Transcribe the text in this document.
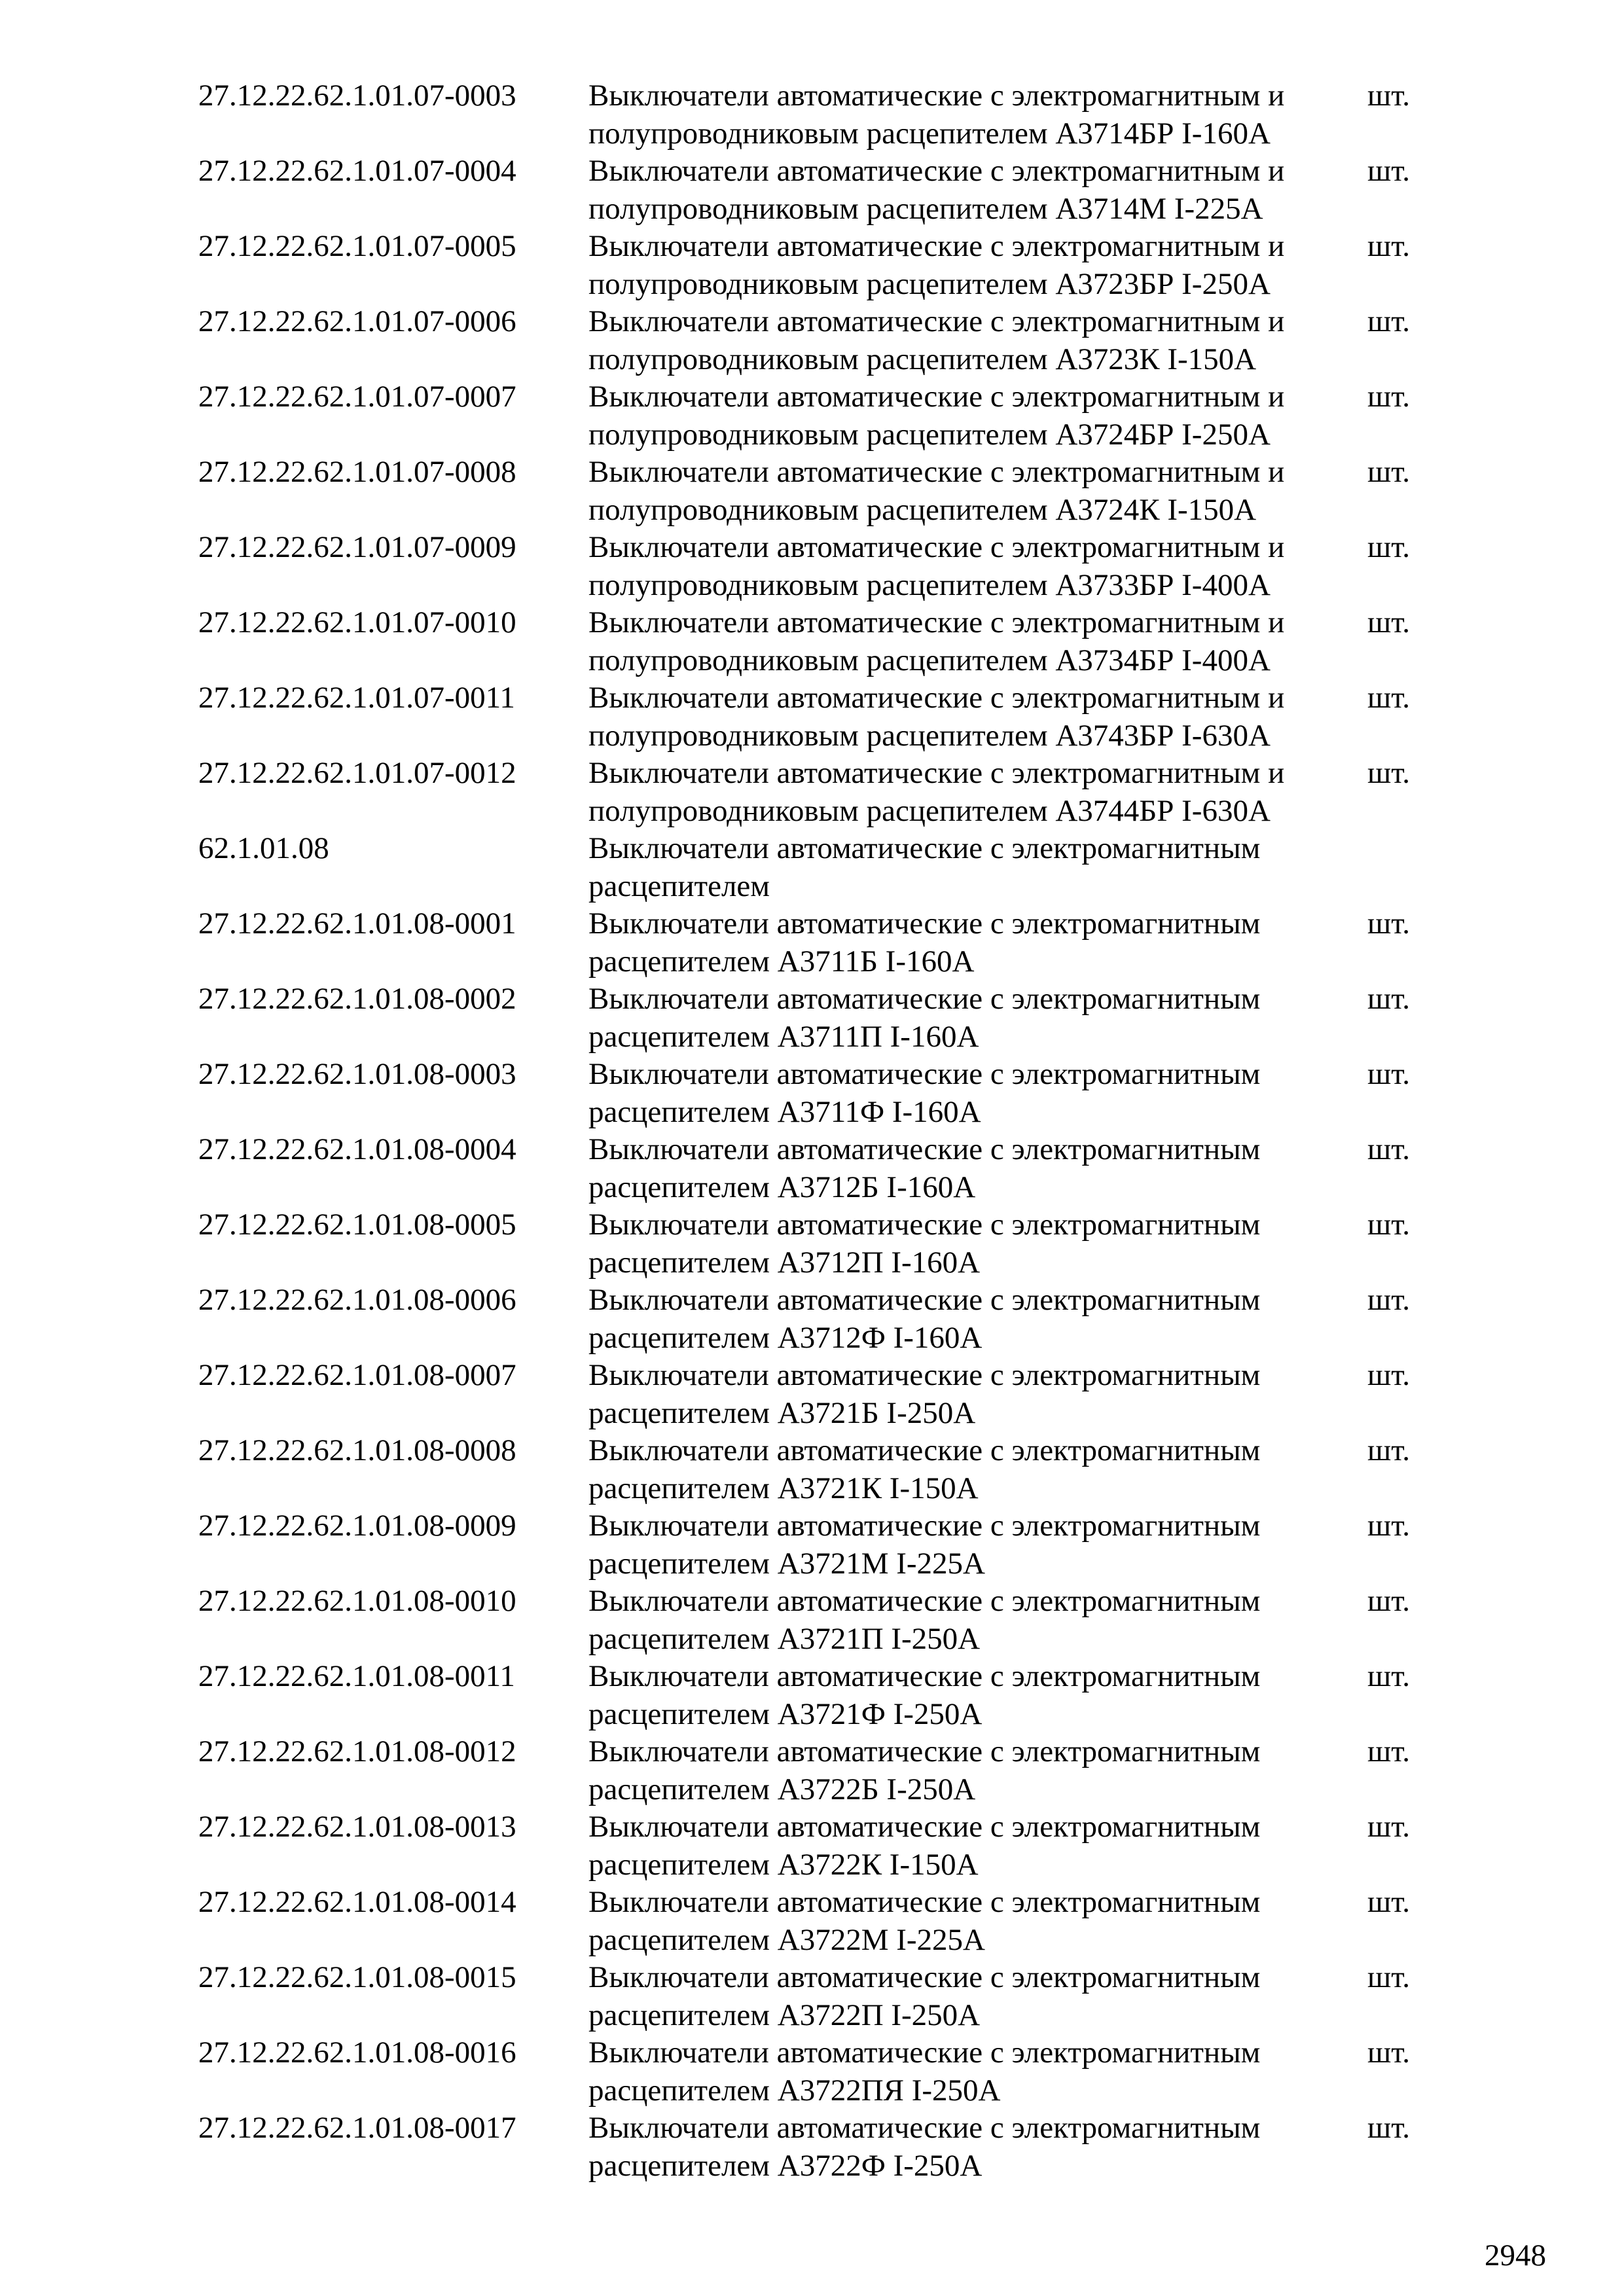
27.12.22.62.1.01.07-0003	Выключатели автоматические с электромагнитным и
полупроводниковым расцепителем А3714БР I-160А
шт.
27.12.22.62.1.01.07-0004	Выключатели автоматические с электромагнитным и
полупроводниковым расцепителем А3714М I-225А
шт.
27.12.22.62.1.01.07-0005	Выключатели автоматические с электромагнитным и
полупроводниковым расцепителем А3723БР I-250А
шт.
27.12.22.62.1.01.07-0006	Выключатели автоматические с электромагнитным и
полупроводниковым расцепителем А3723К I-150А
шт.
27.12.22.62.1.01.07-0007	Выключатели автоматические с электромагнитным и
полупроводниковым расцепителем А3724БР I-250А
шт.
27.12.22.62.1.01.07-0008	Выключатели автоматические с электромагнитным и
полупроводниковым расцепителем А3724К I-150А
шт.
27.12.22.62.1.01.07-0009	Выключатели автоматические с электромагнитным и
полупроводниковым расцепителем А3733БР I-400А
шт.
27.12.22.62.1.01.07-0010	Выключатели автоматические с электромагнитным и
полупроводниковым расцепителем А3734БР I-400А
шт.
27.12.22.62.1.01.07-0011	Выключатели автоматические с электромагнитным и
полупроводниковым расцепителем А3743БР I-630А
шт.
27.12.22.62.1.01.07-0012	Выключатели автоматические с электромагнитным и
полупроводниковым расцепителем А3744БР I-630А
шт.
62.1.01.08	Выключатели автоматические с электромагнитным
расцепителем
27.12.22.62.1.01.08-0001	Выключатели автоматические с электромагнитным
расцепителем А3711Б I-160А
шт.
27.12.22.62.1.01.08-0002	Выключатели автоматические с электромагнитным
расцепителем А3711П I-160А
шт.
27.12.22.62.1.01.08-0003	Выключатели автоматические с электромагнитным
расцепителем А3711Ф I-160А
шт.
27.12.22.62.1.01.08-0004	Выключатели автоматические с электромагнитным
расцепителем А3712Б I-160А
шт.
27.12.22.62.1.01.08-0005	Выключатели автоматические с электромагнитным
расцепителем А3712П I-160А
шт.
27.12.22.62.1.01.08-0006	Выключатели автоматические с электромагнитным
расцепителем А3712Ф I-160А
шт.
27.12.22.62.1.01.08-0007	Выключатели автоматические с электромагнитным
расцепителем А3721Б I-250А
шт.
27.12.22.62.1.01.08-0008	Выключатели автоматические с электромагнитным
расцепителем А3721К I-150А
шт.
27.12.22.62.1.01.08-0009	Выключатели автоматические с электромагнитным
расцепителем А3721М I-225А
шт.
27.12.22.62.1.01.08-0010	Выключатели автоматические с электромагнитным
расцепителем А3721П I-250А
шт.
27.12.22.62.1.01.08-0011	Выключатели автоматические с электромагнитным
расцепителем А3721Ф I-250А
шт.
27.12.22.62.1.01.08-0012	Выключатели автоматические с электромагнитным
расцепителем А3722Б I-250А
шт.
27.12.22.62.1.01.08-0013	Выключатели автоматические с электромагнитным
расцепителем А3722К I-150А
шт.
27.12.22.62.1.01.08-0014	Выключатели автоматические с электромагнитным
расцепителем А3722М I-225А
шт.
27.12.22.62.1.01.08-0015	Выключатели автоматические с электромагнитным
расцепителем А3722П I-250А
шт.
27.12.22.62.1.01.08-0016	Выключатели автоматические с электромагнитным
расцепителем А3722ПЯ I-250А
шт.
27.12.22.62.1.01.08-0017	Выключатели автоматические с электромагнитным
расцепителем А3722Ф I-250А
шт.
2948
